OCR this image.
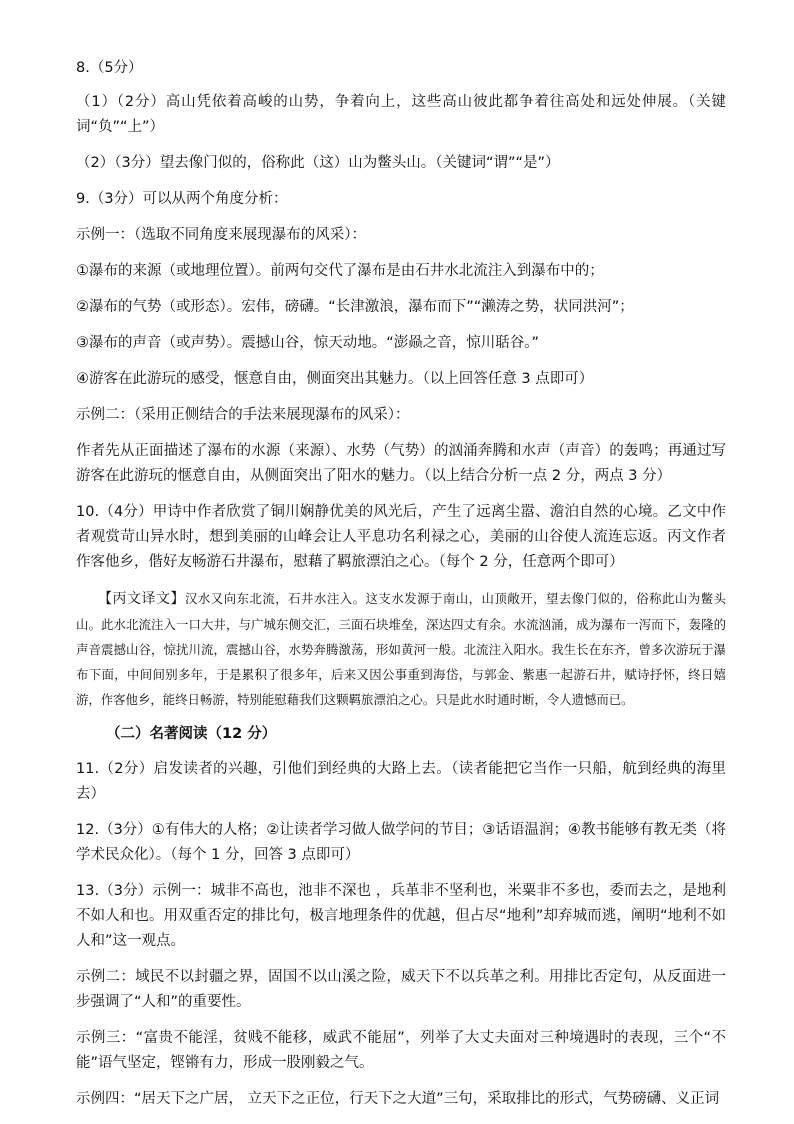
8.（5分）

（1）（2分）高山凭依着高峻的山势，争着向上，这些高山彼此都争着往高处和远处伸展。（关键词“负”“上”）

（2）（3分）望去像门似的，俗称此（这）山为鳖头山。（关键词“谓”“是”）

9.（3分）可以从两个角度分析：

示例一：（选取不同角度来展现瀑布的风采）：

①瀑布的来源（或地理位置）。前两句交代了瀑布是由石井水北流注入到瀑布中的；

②瀑布的气势（或形态）。宏伟，磅礴。“长津激浪，瀑布而下”“濑涛之势，状同洪河”；

③瀑布的声音（或声势）。震撼山谷，惊天动地。“澎赑之音，惊川聒谷。”

④游客在此游玩的感受，惬意自由，侧面突出其魅力。（以上回答任意 3 点即可）

示例二：（采用正侧结合的手法来展现瀑布的风采）：

作者先从正面描述了瀑布的水源（来源）、水势（气势）的汹涌奔腾和水声（声音）的轰鸣；再通过写游客在此游玩的惬意自由，从侧面突出了阳水的魅力。（以上结合分析一点 2 分，两点 3 分）

10.（4分）甲诗中作者欣赏了铜川娴静优美的风光后，产生了远离尘嚣、澹泊自然的心境。乙文中作者观赏苛山异水时，想到美丽的山峰会让人平息功名利禄之心，美丽的山谷使人流连忘返。丙文作者作客他乡，偕好友畅游石井瀑布，慰藉了羁旅漂泊之心。（每个 2 分，任意两个即可）

【丙文译文】汉水又向东北流，石井水注入。这支水发源于南山，山顶敞开，望去像门似的，俗称此山为鳖头山。此水北流注入一口大井，与广城东侧交汇，三面石块堆垒，深达四丈有余。水流汹涌，成为瀑布一泻而下，轰隆的声音震撼山谷，惊扰川流，震撼山谷，水势奔腾激荡，形如黄河一般。北流注入阳水。我生长在东齐，曾多次游玩于瀑布下面，中间间别多年，于是累积了很多年，后来又因公事重到海岱，与郭金、紫惠一起游石井，赋诗抒怀，终日嬉游，作客他乡，能终日畅游，特别能慰藉我们这颗羁旅漂泊之心。只是此水时通时断，令人遗憾而已。

（二）名著阅读（12 分）

11.（2分）启发读者的兴趣，引他们到经典的大路上去。（读者能把它当作一只船，航到经典的海里去）

12.（3分）①有伟大的人格；②让读者学习做人做学问的节目；③话语温润；④教书能够有教无类（将学术民众化）。（每个 1 分，回答 3 点即可）

13.（3分）示例一：城非不高也，池非不深也 ，兵革非不坚利也，米粟非不多也，委而去之，是地利不如人和也。用双重否定的排比句，极言地理条件的优越，但占尽“地利”却弃城而逃，阐明“地利不如人和”这一观点。

示例二：域民不以封疆之界，固国不以山溪之险，威天下不以兵革之利。用排比否定句，从反面进一步强调了“人和”的重要性。

示例三：“富贵不能淫，贫贱不能移，威武不能屈”，列举了大丈夫面对三种境遇时的表现，三个“不能”语气坚定，铿锵有力，形成一股刚毅之气。

示例四：“居天下之广居， 立天下之正位，行天下之大道”三句，采取排比的形式，气势磅礴、义正词
